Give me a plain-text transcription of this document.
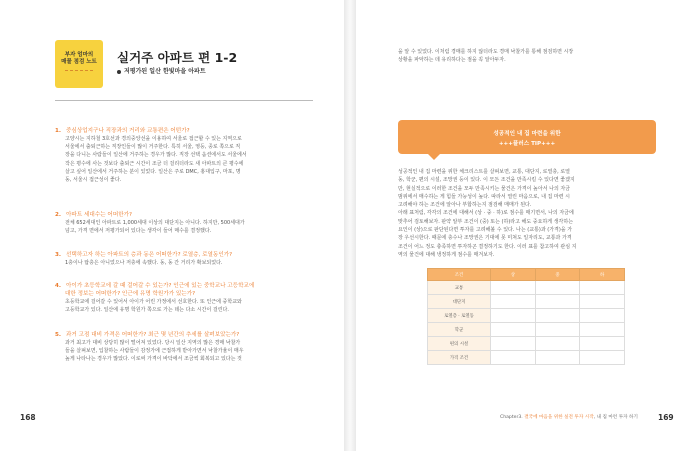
부자 엄마의
매물 점검 노트	실거주 아파트 편 1-2
저평가된 일산 한빛마을 아파트
1. 중심상업지구나 직장과의 거리와 교통편은 어떤가?
고양시는 지하철 3호선과 경의중앙선을 이용하여 서울로 접근할 수 있는 지역으로
서울에서 출퇴근하는 직장인들이 많이 거주한다. 특히 서울, 영등, 종로 쪽으로 직
장을 다니는 사람들이 일산에 거주하는 경우가 많다. 직장 선택 옵션에서도 서울에서
작은 평수에 사는 것보다 출퇴근 시간이 조금 더 걸리더라도 새 아파트의 큰 평수에
살고 싶어 일산에서 거주하는 분이 있었다. 일산은 주로 DMC, 홍대입구, 마포, 명
동, 서울시 접근성이 좋다.
2. 아파트 세대수는 어떠한가?
전체 652세대인 아파트로 1,000세대 이상의 대단지는 아니다. 하지만, 500세대가
넘고, 가격 면에서 저평가되어 있다는 생각이 들어 매수를 결정했다.
3. 선택하고자 하는 아파트의 층과 동은 어떠한가? 로열층, 로열동인가?
1층이나 탑층은 아니었으나 저층에 속했다. 동, 동 간 거리가 확보되었다.
4. 아이가 초등학교에 갈 때 걸어갈 수 있는가? 인근에 있는 중학교나 고등학교에
대한 정보는 어떠한가? 인근에 유명 학원가가 있는가?
초등학교에 걸어갈 수 있어서 아이가 어린 가정에서 선호한다. 또 인근에 중학교와
고등학교가 있다. 일산에 유명 학원가 쪽으로 가는 데는 다소 시간이 걸린다.
5. 과거 고점 대비 가격은 어떠한가? 최근 몇 년간의 추세를 살펴보았는가?
과거 최고가 대비 상당히 많이 떨어져 있었다. 당시 일산 지역의 많은 경매 낙찰가
들을 살펴보면, 입찰하는 사람들이 감정가에 근접하게 받아가면서 낙찰가율이 매우
높게 나타나는 경우가 많았다. 이로써 가격이 바닥에서 조금씩 회복되고 있다는 것
168
을 알 수 있었다. 이처럼 경매를 하지 않더라도 경매 낙찰가를 통해 점검하면 시장
상황을 파악하는 데 유리하다는 점을 꼭 알아두자.
성공적인 내 집 마련을 위한
+++플러스 TIP+++
성공적인 내 집 마련을 위한 체크리스트를 살펴보면, 교통, 대단지, 로열층, 로열
동, 학군, 편의 시설, 조망권 등이 있다. 이 모든 조건을 만족시킬 수 있다면 좋겠지
만, 현실적으로 이러한 조건을 모두 만족시키는 물건은 가격이 높아서 나의 자금
범위에서 매수하는 게 힘들 가능성이 높다. 따라서 열린 마음으로, 내 집 마련 시
고려해야 하는 조건에 알아나 부합하는지 점검해 매매가 된다.
아래 표처럼, 각각의 조건에 대해서 (상 · 중 · 하)로 점수를 매기면서, 나의 자금에
맞추어 검토해보자. 판약 알부 조건이 (중) 또는 (하)라고 해도 중요하게 생각하는
요인이 (상)으로 판단된다면 투자를 고려해볼 수 있다. 나는 (교통)과 (가격)을 가
장 우선시한다. 때문에 층수나 조망권은 기대에 못 미쳐도 일자리도, 교통과 가격
조건이 어느 정도 충족하면 투자하곤 결정하기도 한다. 이러 표를 참고하여 관심 지
역의 물건에 대해 냉정하게 점수를 매겨보자.
조건	상	중	하
교통			
대단지			
로열층 · 로열동			
학군			
편의 시설			
가격 조건			
Chapter3. 결국에 마음을 위한 실전 투자 시작, 내 집 마련 투자 하기	169
